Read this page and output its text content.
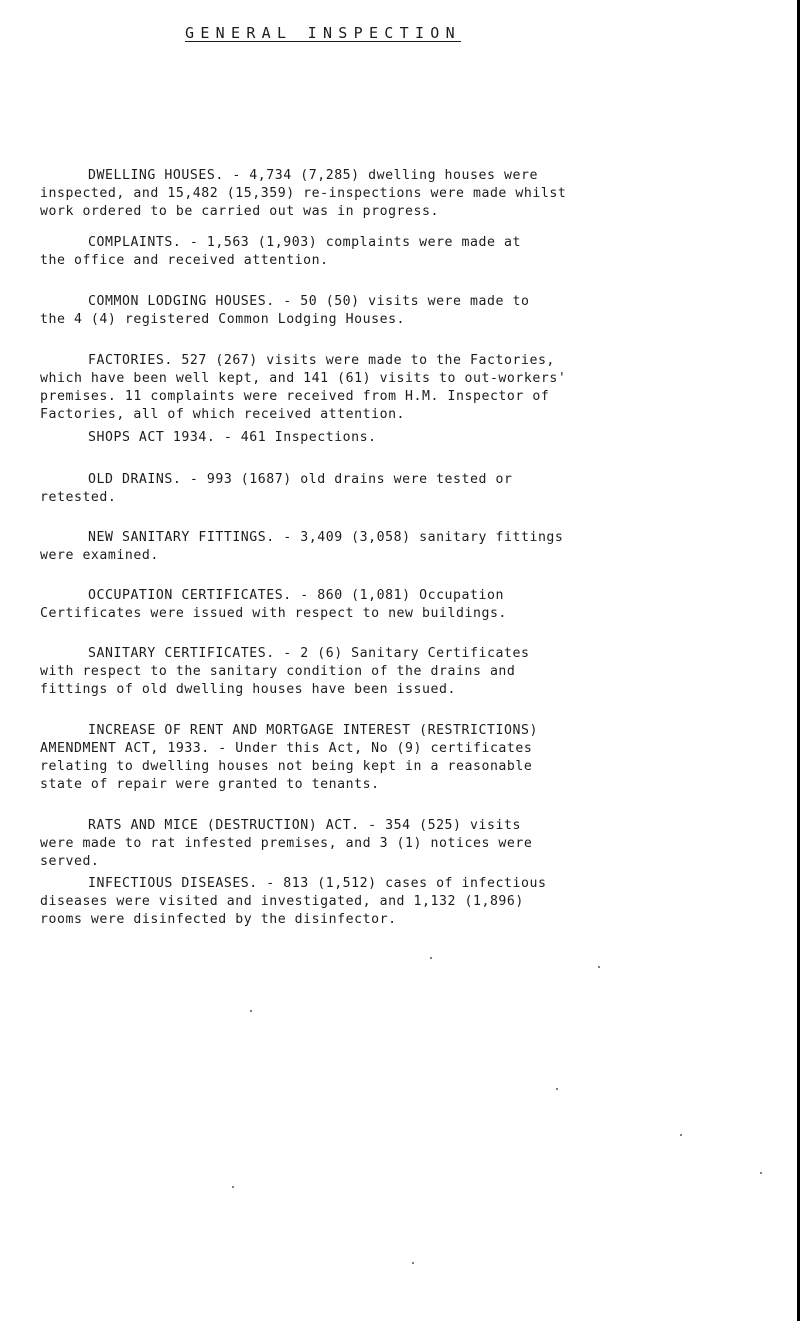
GENERAL INSPECTION

DWELLING HOUSES. - 4,734 (7,285) dwelling houses were
inspected, and 15,482 (15,359) re-inspections were made whilst
work ordered to be carried out was in progress.

COMPLAINTS. - 1,563 (1,903) complaints were made at
the office and received attention.

COMMON LODGING HOUSES. - 50 (50) visits were made to
the 4 (4) registered Common Lodging Houses.

FACTORIES. 527 (267) visits were made to the Factories,
which have been well kept, and 141 (61) visits to out-workers'
premises. 11 complaints were received from H.M. Inspector of
Factories, all of which received attention.

SHOPS ACT 1934. - 461 Inspections.

OLD DRAINS. - 993 (1687) old drains were tested or
retested.

NEW SANITARY FITTINGS. - 3,409 (3,058) sanitary fittings
were examined.

OCCUPATION CERTIFICATES. - 860 (1,081) Occupation
Certificates were issued with respect to new buildings.

SANITARY CERTIFICATES. - 2 (6) Sanitary Certificates
with respect to the sanitary condition of the drains and
fittings of old dwelling houses have been issued.

INCREASE OF RENT AND MORTGAGE INTEREST (RESTRICTIONS)
AMENDMENT ACT, 1933. - Under this Act, No (9) certificates
relating to dwelling houses not being kept in a reasonable
state of repair were granted to tenants.

RATS AND MICE (DESTRUCTION) ACT. - 354 (525) visits
were made to rat infested premises, and 3 (1) notices were
served.

INFECTIOUS DISEASES. - 813 (1,512) cases of infectious
diseases were visited and investigated, and 1,132 (1,896)
rooms were disinfected by the disinfector.
